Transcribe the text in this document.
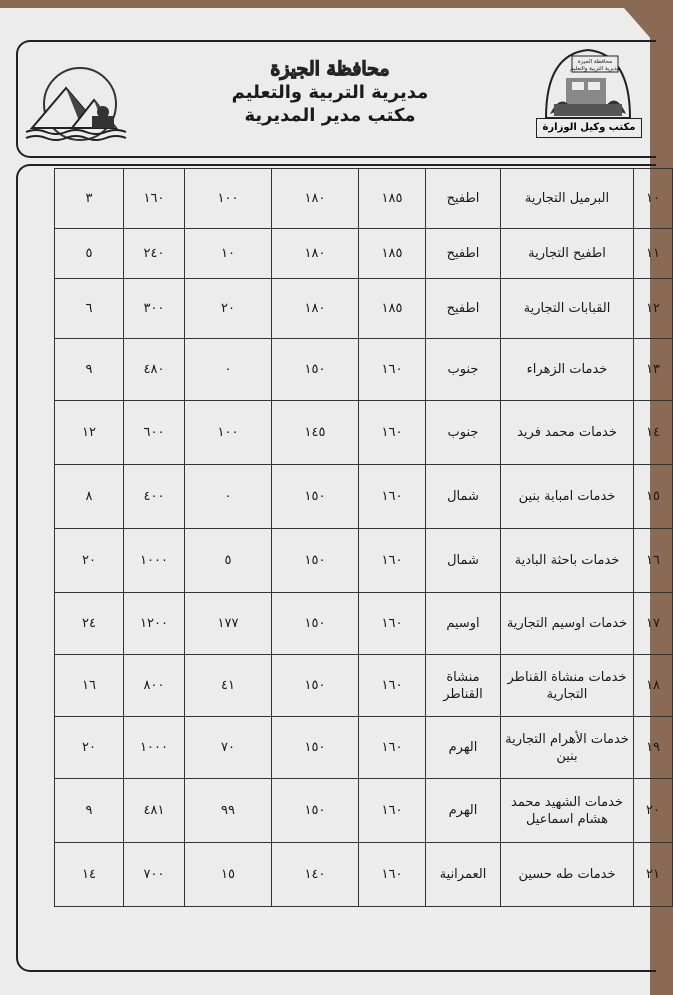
محافظة الجيزة
مديرية التربية والتعليم
مكتب مدير المديرية
محافظة الجيزة
مديرية التربية والتعليم
مكتب وكيل الوزارة
١٠	البرميل التجارية	اطفيح	١٨٥	١٨٠	١٠٠	١٦٠	٣
١١	اطفيح التجارية	اطفيح	١٨٥	١٨٠	١٠	٢٤٠	٥
١٢	القبابات التجارية	اطفيح	١٨٥	١٨٠	٢٠	٣٠٠	٦
١٣	خدمات الزهراء	جنوب	١٦٠	١٥٠	٠	٤٨٠	٩
١٤	خدمات محمد فريد	جنوب	١٦٠	١٤٥	١٠٠	٦٠٠	١٢
١٥	خدمات امبابة بنين	شمال	١٦٠	١٥٠	٠	٤٠٠	٨
١٦	خدمات باحثة البادية	شمال	١٦٠	١٥٠	٥	١٠٠٠	٢٠
١٧	خدمات اوسيم التجارية	اوسيم	١٦٠	١٥٠	١٧٧	١٢٠٠	٢٤
١٨	خدمات منشاة القناطر التجارية	منشاة القناطر	١٦٠	١٥٠	٤١	٨٠٠	١٦
١٩	خدمات الأهرام التجارية بنين	الهرم	١٦٠	١٥٠	٧٠	١٠٠٠	٢٠
٢٠	خدمات الشهيد محمد هشام اسماعيل	الهرم	١٦٠	١٥٠	٩٩	٤٨١	٩
٢١	خدمات طه حسين	العمرانية	١٦٠	١٤٠	١٥	٧٠٠	١٤
